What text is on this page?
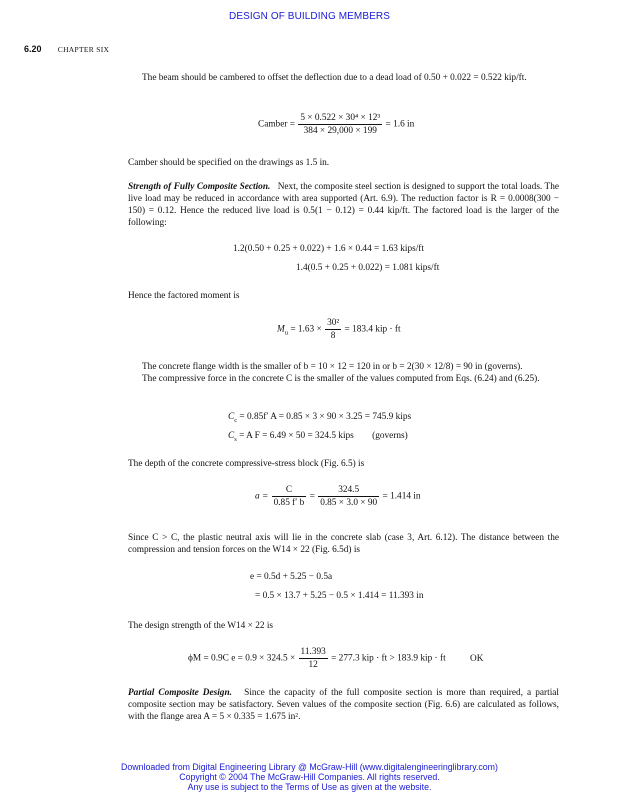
DESIGN OF BUILDING MEMBERS
6.20 CHAPTER SIX
The beam should be cambered to offset the deflection due to a dead load of 0.50 + 0.022 = 0.522 kip/ft.
Camber = $\frac{\text{5 × 0.522 × 30⁴ × 12³}}{384 \times 29,000 \times 199} = 1.6$ in
Camber should be specified on the drawings as 1.5 in.
Strength of Fully Composite Section. Next, the composite steel section is designed to support the total loads. The live load may be reduced in accordance with area supported (Art. 6.9). The reduction factor is R = 0.0008(300 − 150) = 0.12. Hence the reduced live load is 0.5(1 − 0.12) = 0.44 kip/ft. The factored load is the larger of the following:
1.2(0.50 + 0.25 + 0.022) + 1.6 × 0.44 = 1.63 kips/ft
1.4(0.5 + 0.25 + 0.022) = 1.081 kips/ft
Hence the factored moment is
$M_u = 1.63 \times \frac{\text{30²}}{8} = 183.4$ kip · ft
The concrete flange width is the smaller of b = 10 × 12 = 120 in or b = 2(30 × 12/8) = 90 in (governs).
The compressive force in the concrete C is the smaller of the values computed from Eqs. (6.24) and (6.25).
$C_c = 0.85f'$ A = 0.85 × 3 × 90 × 3.25 = 745.9 kips
$C_s = A$ F = 6.49 × 50 = 324.5 kips (governs)
The depth of the concrete compressive-stress block (Fig. 6.5) is
$a = \frac{C}{0.85 f' b} = \frac{324.5}{0.85 \times 3.0 \times 90} = 1.414$ in
Since C > C, the plastic neutral axis will lie in the concrete slab (case 3, Art. 6.12). The distance between the compression and tension forces on the W14 × 22 (Fig. 6.5d) is
e = 0.5d + 5.25 − 0.5a
= 0.5 × 13.7 + 5.25 − 0.5 × 1.414 = 11.393 in
The design strength of the W14 × 22 is
ϕM = 0.9C $e = 0.9 \times 324.5 \times \frac{11.393}{12} = 277.3$ kip · ft > 183.9 kip · ft	OK
Partial Composite Design. Since the capacity of the full composite section is more than required, a partial composite section may be satisfactory. Seven values of the composite section (Fig. 6.6) are calculated as follows, with the flange area A = 5 × 0.335 = 1.675 in².
Downloaded from Digital Engineering Library @ McGraw-Hill (www.digitalengineeringlibrary.com)
Copyright © 2004 The McGraw-Hill Companies. All rights reserved.
Any use is subject to the Terms of Use as given at the website.
